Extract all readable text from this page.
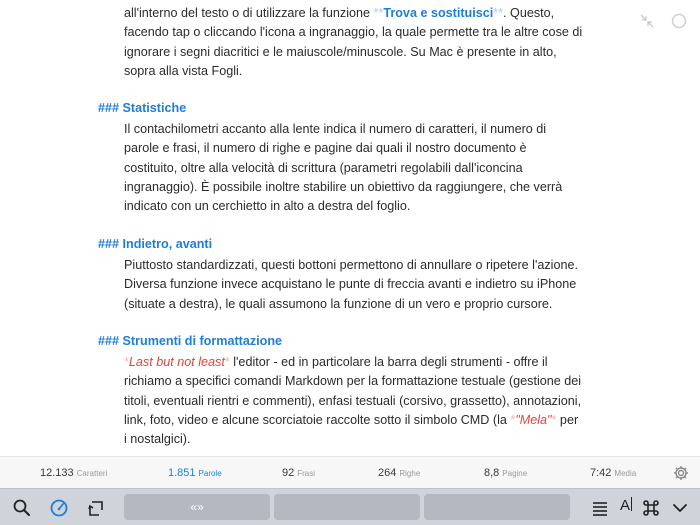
all'interno del testo o di utilizzare la funzione **Trova e sostituisci**. Questo,

facendo tap o cliccando l'icona a ingranaggio, la quale permette tra le altre cose di

ignorare i segni diacritici e le maiuscole/minuscole. Su Mac è presente in alto,

sopra alla vista Fogli.

### Statistiche

Il contachilometri accanto alla lente indica il numero di caratteri, il numero di

parole e frasi, il numero di righe e pagine dai quali il nostro documento è

costituito, oltre alla velocità di scrittura (parametri regolabili dall'iconcina

ingranaggio). È possibile inoltre stabilire un obiettivo da raggiungere, che verrà

indicato con un cerchietto in alto a destra del foglio.

### Indietro, avanti

Piuttosto standardizzati, questi bottoni permettono di annullare o ripetere l'azione.

Diversa funzione invece acquistano le punte di freccia avanti e indietro su iPhone

(situate a destra), le quali assumono la funzione di un vero e proprio cursore.

### Strumenti di formattazione

*Last but not least* l'editor - ed in particolare la barra degli strumenti - offre il

richiamo a specifici comandi Markdown per la formattazione testuale (gestione dei

titoli, eventuali rientri e commenti), enfasi testuali (corsivo, grassetto), annotazioni,

link, foto, video e alcune scorciatoie raccolte sotto il simbolo CMD (la *"Mela"* per

i nostalgici).

12.133 Caratteri	1.851 Parole	92 Frasi	264 Righe	8,8 Pagine	7:42 Media
«»	A
